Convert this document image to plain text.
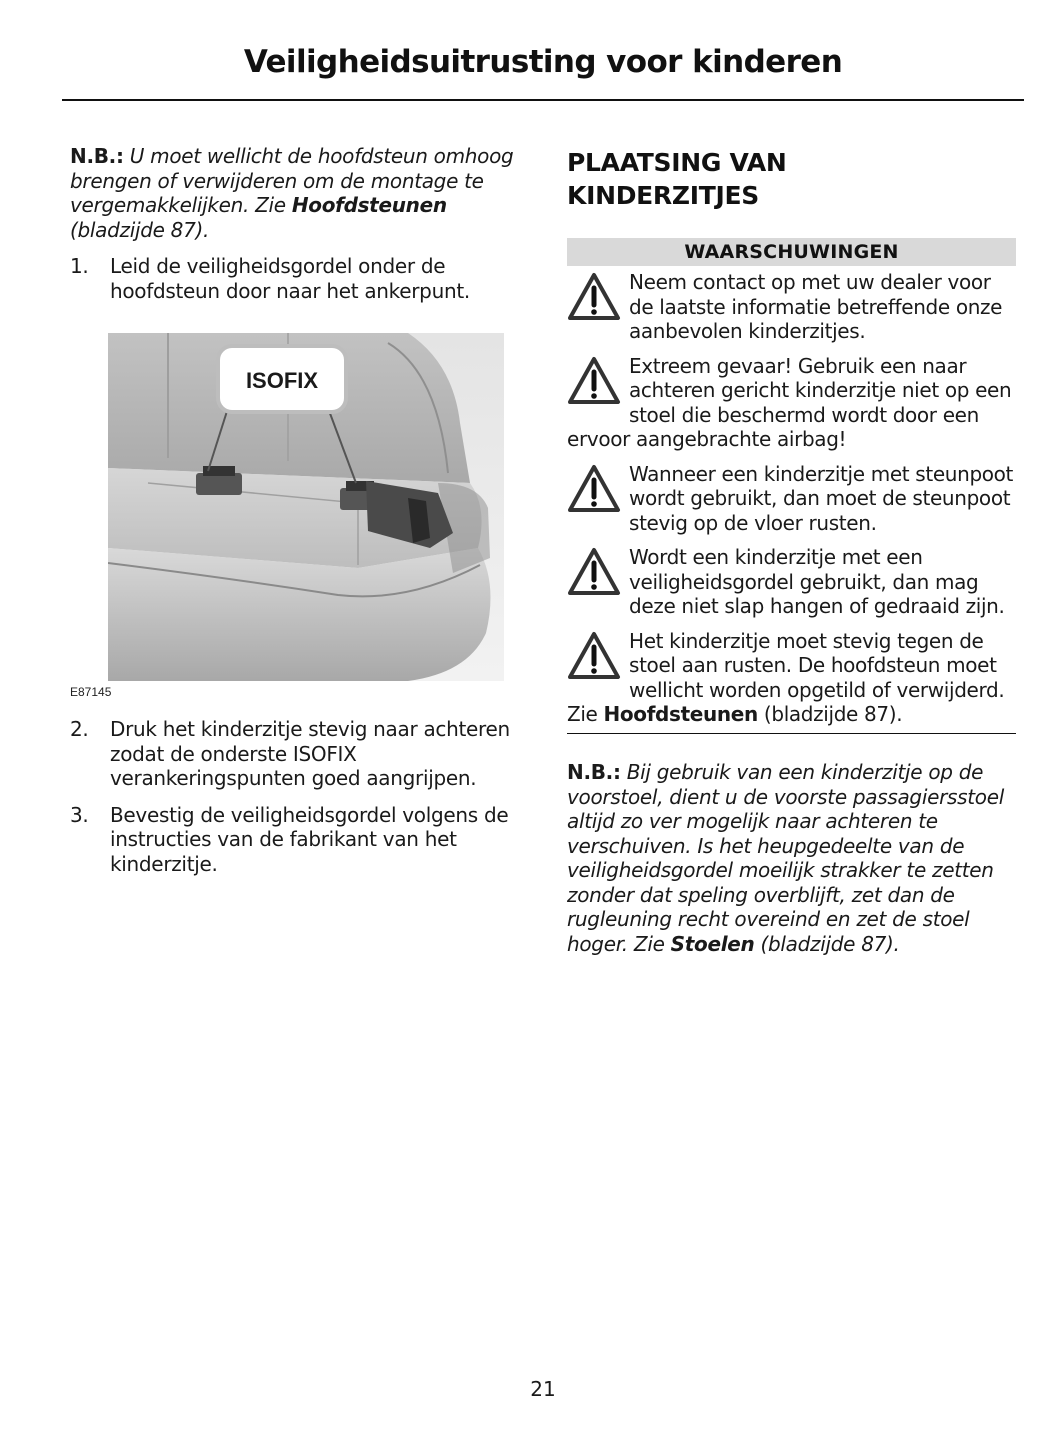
Veiligheidsuitrusting voor kinderen

N.B.: U moet wellicht de hoofdsteun omhoog brengen of verwijderen om de montage te vergemakkelijken. Zie Hoofdsteunen (bladzijde 87).

1. Leid de veiligheidsgordel onder de hoofdsteun door naar het ankerpunt.
ISOFIX
E87145
2. Druk het kinderzitje stevig naar achteren zodat de onderste ISOFIX verankeringspunten goed aangrijpen.
3. Bevestig de veiligheidsgordel volgens de instructies van de fabrikant van het kinderzitje.
PLAATSING VAN
KINDERZITJES
WAARSCHUWINGEN
Neem contact op met uw dealer voor de laatste informatie betreffende onze aanbevolen kinderzitjes.
Extreem gevaar! Gebruik een naar achteren gericht kinderzitje niet op een stoel die beschermd wordt door een ervoor aangebrachte airbag!
Wanneer een kinderzitje met steunpoot wordt gebruikt, dan moet de steunpoot stevig op de vloer rusten.
Wordt een kinderzitje met een veiligheidsgordel gebruikt, dan mag deze niet slap hangen of gedraaid zijn.
Het kinderzitje moet stevig tegen de stoel aan rusten. De hoofdsteun moet wellicht worden opgetild of verwijderd. Zie Hoofdsteunen (bladzijde 87).

N.B.: Bij gebruik van een kinderzitje op de voorstoel, dient u de voorste passagiersstoel altijd zo ver mogelijk naar achteren te verschuiven. Is het heupgedeelte van de veiligheidsgordel moeilijk strakker te zetten zonder dat speling overblijft, zet dan de rugleuning recht overeind en zet de stoel hoger. Zie Stoelen (bladzijde 87).

21
